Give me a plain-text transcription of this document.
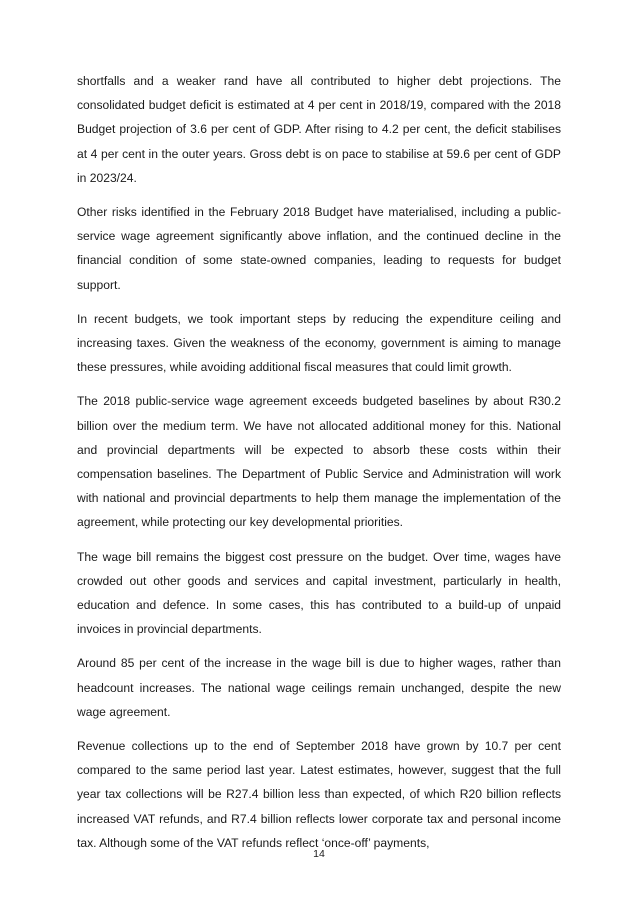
shortfalls and a weaker rand have all contributed to higher debt projections. The consolidated budget deficit is estimated at 4 per cent in 2018/19, compared with the 2018 Budget projection of 3.6 per cent of GDP. After rising to 4.2 per cent, the deficit stabilises at 4 per cent in the outer years. Gross debt is on pace to stabilise at 59.6 per cent of GDP in 2023/24.

Other risks identified in the February 2018 Budget have materialised, including a public-service wage agreement significantly above inflation, and the continued decline in the financial condition of some state-owned companies, leading to requests for budget support.

In recent budgets, we took important steps by reducing the expenditure ceiling and increasing taxes. Given the weakness of the economy, government is aiming to manage these pressures, while avoiding additional fiscal measures that could limit growth.

The 2018 public-service wage agreement exceeds budgeted baselines by about R30.2 billion over the medium term. We have not allocated additional money for this. National and provincial departments will be expected to absorb these costs within their compensation baselines. The Department of Public Service and Administration will work with national and provincial departments to help them manage the implementation of the agreement, while protecting our key developmental priorities.

The wage bill remains the biggest cost pressure on the budget. Over time, wages have crowded out other goods and services and capital investment, particularly in health, education and defence. In some cases, this has contributed to a build-up of unpaid invoices in provincial departments.

Around 85 per cent of the increase in the wage bill is due to higher wages, rather than headcount increases. The national wage ceilings remain unchanged, despite the new wage agreement.

Revenue collections up to the end of September 2018 have grown by 10.7 per cent compared to the same period last year. Latest estimates, however, suggest that the full year tax collections will be R27.4 billion less than expected, of which R20 billion reflects increased VAT refunds, and R7.4 billion reflects lower corporate tax and personal income tax. Although some of the VAT refunds reflect ‘once-off’ payments,

14
